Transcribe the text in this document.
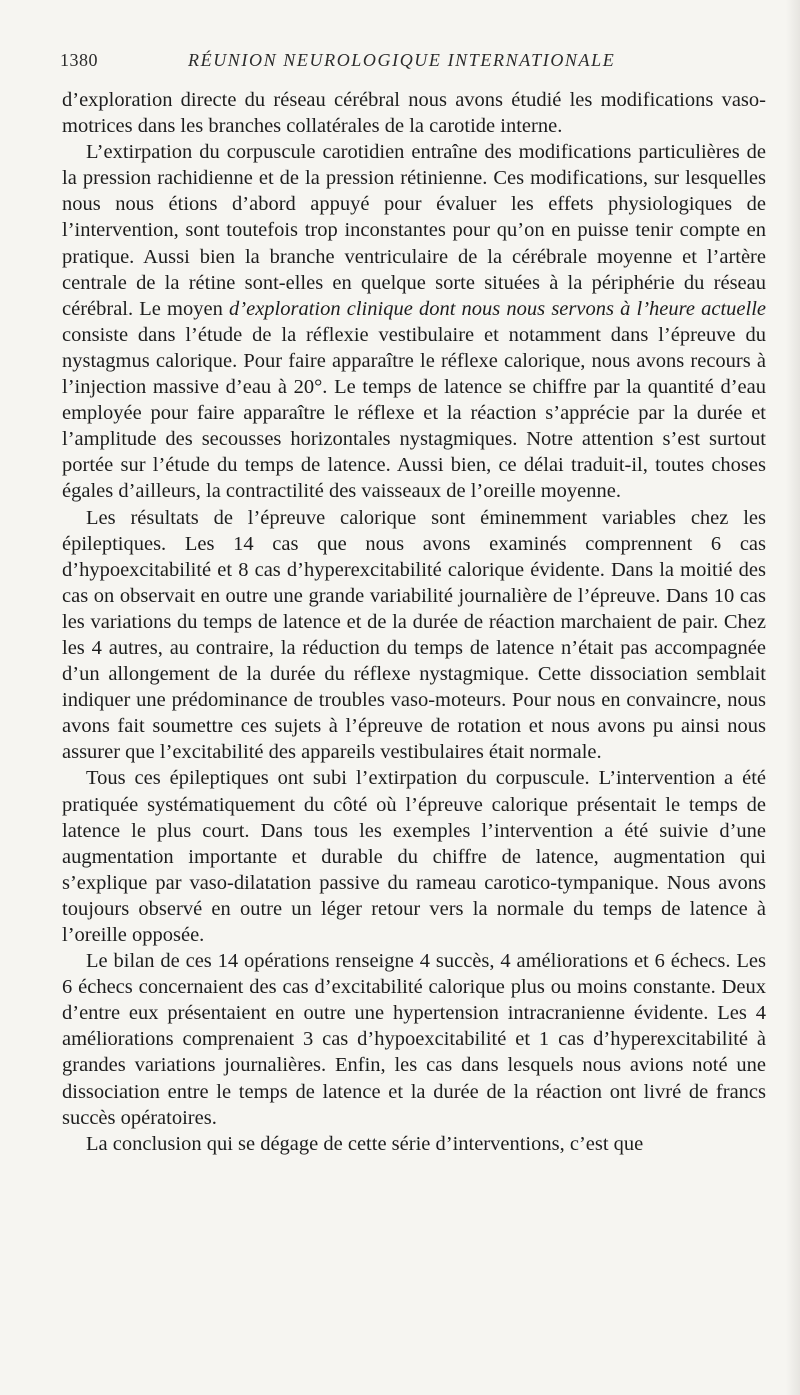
1380	RÉUNION NEUROLOGIQUE INTERNATIONALE

d’exploration directe du réseau cérébral nous avons étudié les modifications vaso-motrices dans les branches collatérales de la carotide interne.

L’extirpation du corpuscule carotidien entraîne des modifications particulières de la pression rachidienne et de la pression rétinienne. Ces modifications, sur lesquelles nous nous étions d’abord appuyé pour évaluer les effets physiologiques de l’intervention, sont toutefois trop inconstantes pour qu’on en puisse tenir compte en pratique. Aussi bien la branche ventriculaire de la cérébrale moyenne et l’artère centrale de la rétine sont-elles en quelque sorte situées à la périphérie du réseau cérébral. Le moyen d’exploration clinique dont nous nous servons à l’heure actuelle consiste dans l’étude de la réflexie vestibulaire et notamment dans l’épreuve du nystagmus calorique. Pour faire apparaître le réflexe calorique, nous avons recours à l’injection massive d’eau à 20°. Le temps de latence se chiffre par la quantité d’eau employée pour faire apparaître le réflexe et la réaction s’apprécie par la durée et l’amplitude des secousses horizontales nystagmiques. Notre attention s’est surtout portée sur l’étude du temps de latence. Aussi bien, ce délai traduit-il, toutes choses égales d’ailleurs, la contractilité des vaisseaux de l’oreille moyenne.

Les résultats de l’épreuve calorique sont éminemment variables chez les épileptiques. Les 14 cas que nous avons examinés comprennent 6 cas d’hypoexcitabilité et 8 cas d’hyperexcitabilité calorique évidente. Dans la moitié des cas on observait en outre une grande variabilité journalière de l’épreuve. Dans 10 cas les variations du temps de latence et de la durée de réaction marchaient de pair. Chez les 4 autres, au contraire, la réduction du temps de latence n’était pas accompagnée d’un allongement de la durée du réflexe nystagmique. Cette dissociation semblait indiquer une prédominance de troubles vaso-moteurs. Pour nous en convaincre, nous avons fait soumettre ces sujets à l’épreuve de rotation et nous avons pu ainsi nous assurer que l’excitabilité des appareils vestibulaires était normale.

Tous ces épileptiques ont subi l’extirpation du corpuscule. L’intervention a été pratiquée systématiquement du côté où l’épreuve calorique présentait le temps de latence le plus court. Dans tous les exemples l’intervention a été suivie d’une augmentation importante et durable du chiffre de latence, augmentation qui s’explique par vaso-dilatation passive du rameau carotico-tympanique. Nous avons toujours observé en outre un léger retour vers la normale du temps de latence à l’oreille opposée.

Le bilan de ces 14 opérations renseigne 4 succès, 4 améliorations et 6 échecs. Les 6 échecs concernaient des cas d’excitabilité calorique plus ou moins constante. Deux d’entre eux présentaient en outre une hypertension intracranienne évidente. Les 4 améliorations comprenaient 3 cas d’hypoexcitabilité et 1 cas d’hyperexcitabilité à grandes variations journalières. Enfin, les cas dans lesquels nous avions noté une dissociation entre le temps de latence et la durée de la réaction ont livré de francs succès opératoires.

La conclusion qui se dégage de cette série d’interventions, c’est que
